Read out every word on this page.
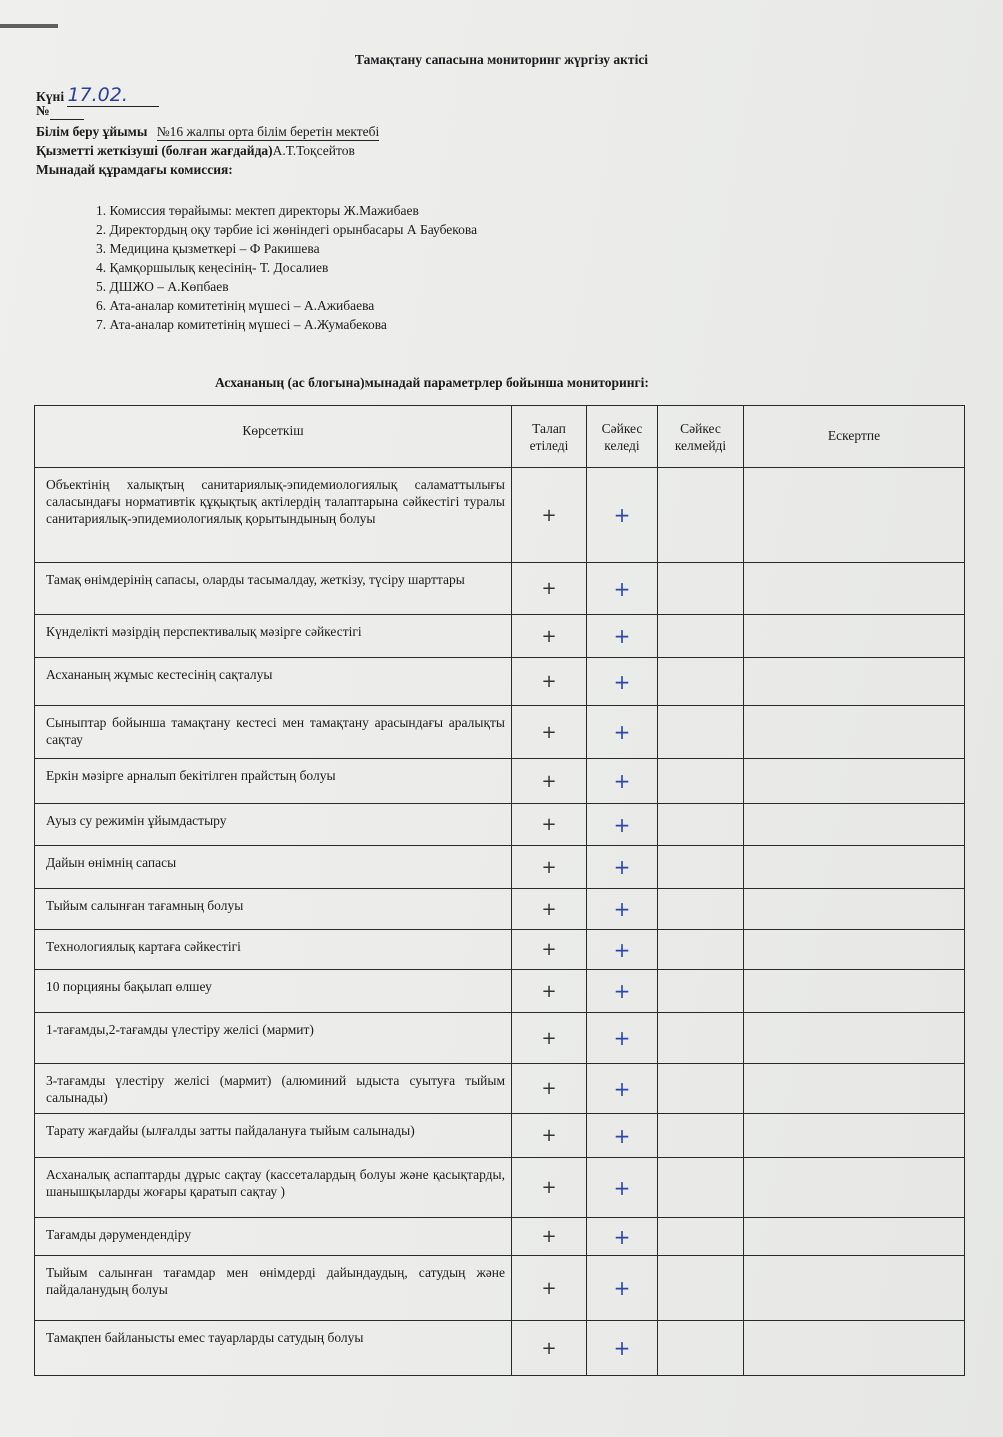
Тамақтану сапасына мониторинг жүргізу актісі
Күні 17.02.
№
Білім беру ұйымы №16 жалпы орта білім беретін мектебі
Қызметті жеткізуші (болған жағдайда)А.Т.Тоқсейтов
Мынадай құрамдағы комиссия:
1. Комиссия төрайымы: мектеп директоры Ж.Мажибаев
2. Директордың оқу тәрбие ісі жөніндегі орынбасары А Баубекова
3. Медицина қызметкері – Ф Ракишева
4. Қамқоршылық кеңесінің- Т. Досалиев
5. ДШЖО – А.Көпбаев
6. Ата-аналар комитетінің мүшесі – А.Ажибаева
7. Ата-аналар комитетінің мүшесі – А.Жумабекова
Асхананың (ас блогына)мынадай параметрлер бойынша мониторингі:
Көрсеткіш	Талап етіледі	Сәйкес келеді	Сәйкес келмейді	Ескертпе
Объектінің халықтың санитариялық-эпидемиологиялық саламаттылығы саласындағы нормативтік құқықтық актілердің талаптарына сәйкестігі туралы санитариялық-эпидемиологиялық қорытындының болуы	+	+		
Тамақ өнімдерінің сапасы, оларды тасымалдау, жеткізу, түсіру шарттары	+	+		
Күнделікті мәзірдің перспективалық мәзірге сәйкестігі	+	+		
Асхананың жұмыс кестесінің сақталуы	+	+		
Сыныптар бойынша тамақтану кестесі мен тамақтану арасындағы аралықты сақтау	+	+		
Еркін мәзірге арналып бекітілген прайстың болуы	+	+		
Ауыз су режимін ұйымдастыру	+	+		
Дайын өнімнің сапасы	+	+		
Тыйым салынған тағамның болуы	+	+		
Технологиялық картаға сәйкестігі	+	+		
10 порцияны бақылап өлшеу	+	+		
1-тағамды,2-тағамды үлестіру желісі (мармит)	+	+		
3-тағамды үлестіру желісі (мармит) (алюминий ыдыста суытуға тыйым салынады)	+	+		
Тарату жағдайы (ылғалды затты пайдалануға тыйым салынады)	+	+		
Асханалық аспаптарды дұрыс сақтау (кассеталардың болуы және қасықтарды, шанышқыларды жоғары қаратып сақтау )	+	+		
Тағамды дәрумендендіру	+	+		
Тыйым салынған тағамдар мен өнімдерді дайындаудың, сатудың және пайдаланудың болуы	+	+		
Тамақпен байланысты емес тауарларды сатудың болуы	+	+		
